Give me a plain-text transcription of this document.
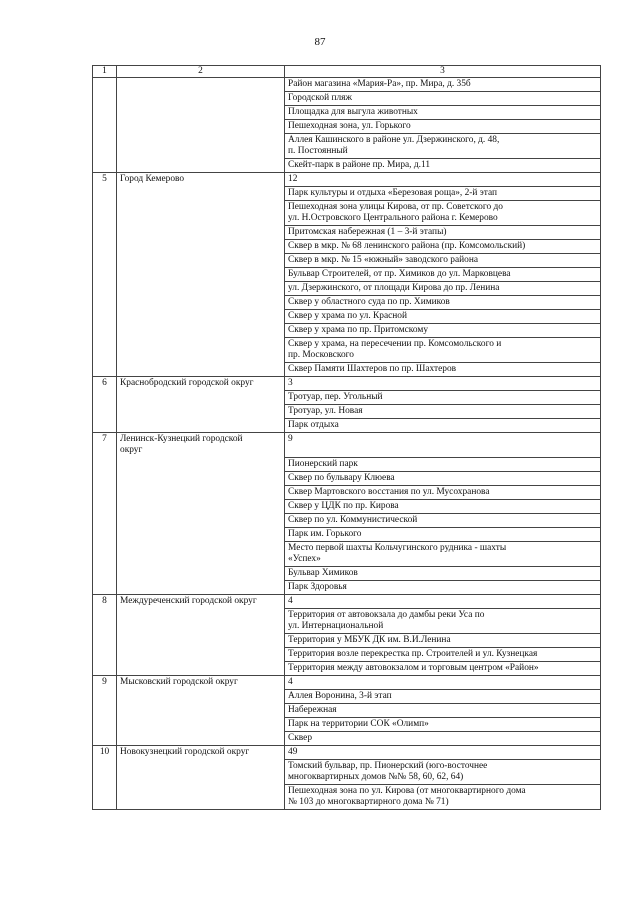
87
1	2	3
		Район магазина «Мария-Ра», пр. Мира, д. 35б
		Городской пляж
		Площадка для выгула животных
		Пешеходная зона, ул. Горького
		Аллея Кашинского в районе ул. Дзержинского, д. 48,
п. Постоянный
		Скейт-парк в районе пр. Мира, д.11
5	Город Кемерово	12
		Парк культуры и отдыха «Березовая роща», 2-й этап
		Пешеходная зона улицы Кирова, от пр. Советского до
ул. Н.Островского Центрального района г. Кемерово
		Притомская набережная (1 – 3-й этапы)
		Сквер в мкр. № 68 ленинского района (пр. Комсомольский)
		Сквер в мкр. № 15 «южный» заводского района
		Бульвар Строителей, от пр. Химиков до ул. Марковцева
		ул. Дзержинского, от площади Кирова до пр. Ленина
		Сквер у областного суда по пр. Химиков
		Сквер у храма по ул. Красной
		Сквер у храма по пр. Притомскому
		Сквер у храма, на пересечении пр. Комсомольского и
пр. Московского
		Сквер Памяти Шахтеров по пр. Шахтеров
6	Краснобродский городской округ	3
		Тротуар, пер. Угольный
		Тротуар, ул. Новая
		Парк отдыха
7	Ленинск-Кузнецкий городской
округ	9
		Пионерский парк
		Сквер по бульвару Клюева
		Сквер Мартовского восстания по ул. Мусохранова
		Сквер у ЦДК по пр. Кирова
		Сквер по ул. Коммунистической
		Парк им. Горького
		Место первой шахты Кольчугинского рудника - шахты
«Успех»
		Бульвар Химиков
		Парк Здоровья
8	Междуреченский городской округ	4
		Территория от автовокзала до дамбы реки Уса по
ул. Интернациональной
		Территория у МБУК ДК им. В.И.Ленина
		Территория возле перекрестка пр. Строителей и ул. Кузнецкая
		Территория между автовокзалом и торговым центром «Район»
9	Мысковский городской округ	4
		Аллея Воронина, 3-й этап
		Набережная
		Парк на территории СОК «Олимп»
		Сквер
10	Новокузнецкий городской округ	49
		Томский бульвар, пр. Пионерский (юго-восточнее
многоквартирных домов №№ 58, 60, 62, 64)
		Пешеходная зона по ул. Кирова (от многоквартирного дома
№ 103 до многоквартирного дома № 71)
